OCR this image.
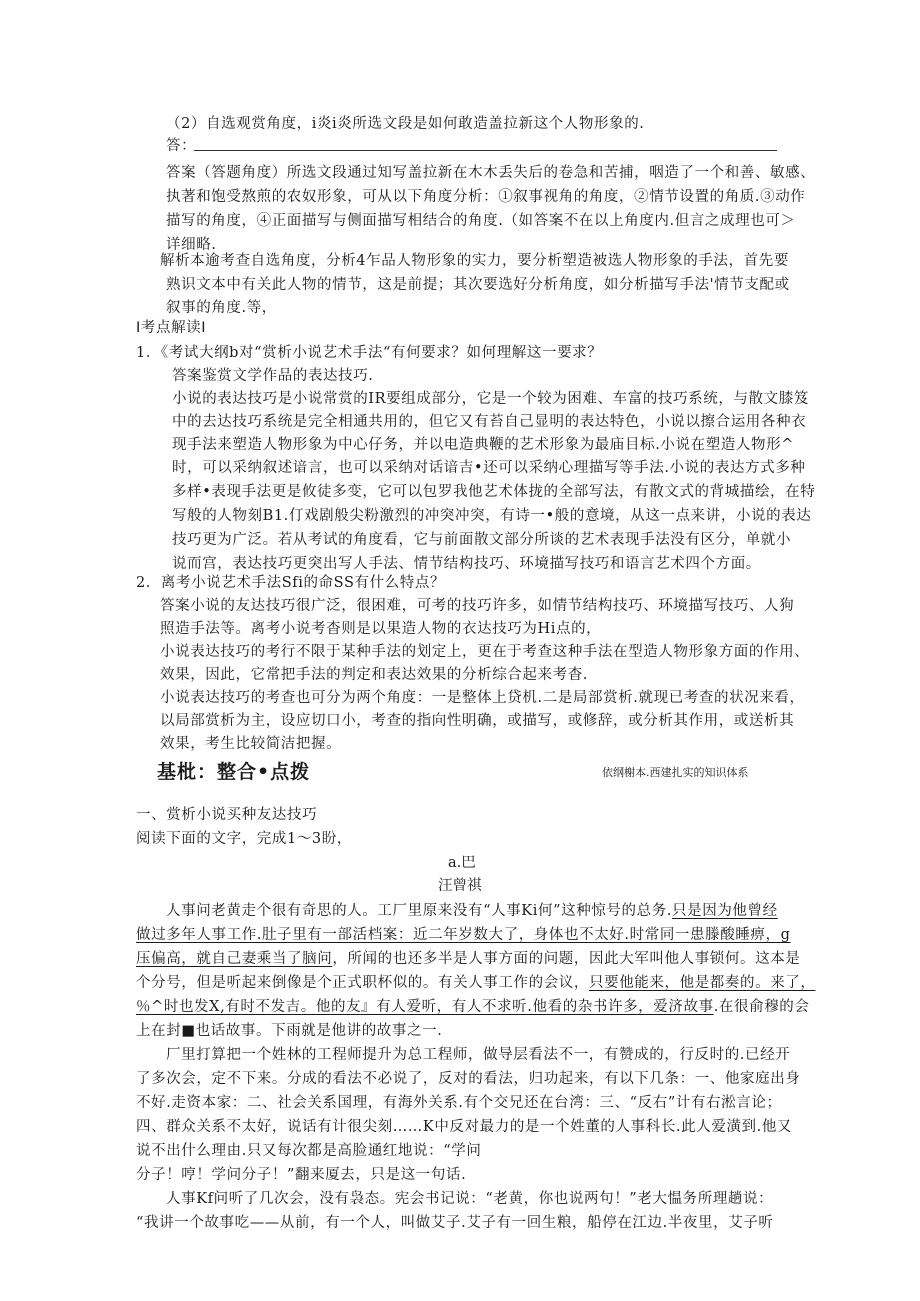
（2）自选观赏角度，i炎i炎所选文段是如何敢造盖拉新这个人物形象的.
答：
答案（答题角度）所选文段通过知写盖拉新在木木丢失后的卷急和苦捕，咽造了一个和善、敏感、
执著和饱受熬煎的农奴形象，可从以下角度分析：①叙事视角的角度，②情节设置的角质.③动作
描写的角度，④正面描写与侧面描写相结合的角度.（如答案不在以上角度内.但言之成理也可＞
详细略.
解析本逾考查自选角度，分析4乍品人物形象的实力，要分析塑造被选人物形象的手法，首先要
熟识文本中有关此人物的情节，这是前提；其次要选好分析角度，如分析描写手法'情节支配或
叙事的角度.等，
I考点解读I
1．《考试大纲b对“赏析小说艺术手法“有何要求？如何理解这一要求？
答案鉴赏文学作品的表达技巧.
小说的表达技巧是小说常赏的IR要组成部分，它是一个较为困难、车富的技巧系统，与散文膝笈
中的去达技巧系统是完全相通共用的，但它又有苔自己显明的表达特色，小说以擦合运用各种衣
现手法来塑造人物形象为中心仔务，并以电造典鞭的艺术形象为最庙目标.小说在塑造人物形^
时，可以采纳叙述谙言，也可以采纳对话谙吉•还可以采纳心理描写等手法.小说的表达方式多种
多样•表现手法更是攸徒多变，它可以包罗我他艺术体拢的全部写法，有散文式的背城描绘，在特
写般的人物刻B1.仃戏剧般尖粉激烈的冲突冲突，有诗一•般的意境，从这一点来讲，小说的表达
技巧更为广泛。若从考试的角度看，它与前面散文部分所谈的艺术表现手法没有区分，单就小
说而宫，表达技巧更突出写人手法、情节结构技巧、环境描写技巧和语言艺术四个方面。
2．离考小说艺术手法Sfi的命SS有什么特点？
答案小说的友达技巧很广泛，很困难，可考的技巧许多，如情节结构技巧、环境描写技巧、人狗
照造手法等。离考小说考杳则是以果造人物的衣达技巧为Hi点的，
小说表达技巧的考行不限于某种手法的划定上，更在于考查这种手法在型造人物形象方面的作用、
效果，因此，它常把手法的判定和表达效果的分析综合起来考杳.
小说表达技巧的考查也可分为两个角度：一是整体上贷机.二是局部赏析.就现已考查的状况来看，
以局部赏析为主，设应切口小，考查的指向性明确，或描写，或修辞，或分析其作用，或送析其
效果，考生比较简洁把握。
基枇：整合•点拨	依纲榭本.西建扎实的知识体系
一、赏析小说买种友达技巧
阅读下面的文字，完成1〜3盼，
a.巴
汪曾祺
人事问老黄走个很有奇思的人。工厂里原来没有“人事Ki何”这种惊号的总务.只是因为他曾经
做过多年人事工作.肚子里有一部活档案：近二年岁数大了，身体也不太好.时常同一患滕酸睡痹，g
压偏高，就自己妻乘当了脑问，所闻的也还多半是人事方面的问题，因此大军叫他人事锁何。这本是
个分号，但是听起来倒像是个正式职杯似的。有关人事工作的会议，只要他能来，他是都奏的。来了，
％^时也发X,有时不发吉。他的友』有人爱听，有人不求听.他看的杂书许多，爱济故事.在很俞穆的会
上在封■也话故事。下雨就是他讲的故事之一.
厂里打算把一个姓林的工程师提升为总工程师，做导层看法不一，有赞成的，行反时的.已经开
了多次会，定不下来。分成的看法不必说了，反对的看法，归功起来，有以下几条：一、他家庭出身
不好.走资本家：二、社会关系国理，有海外关系.有个交兄还在台湾：三、“反右”计有右淞言论；
四、群众关系不太好，说话有计很尖刻……K中反对最力的是一个姓董的人事科长.此人爱潢到.他又
说不出什么理由.只又每次都是高脸通红地说：“学问
分子！哼！学问分子！”翻来厦去，只是这一句话.
人事Kf问听了几次会，没有袅态。宪会书记说：“老黄，你也说两句！”老大愠务所理趟说：
“我讲一个故事吃——从前，有一个人，叫做艾子.艾子有一回生粮，船停在江边.半夜里，艾子听
